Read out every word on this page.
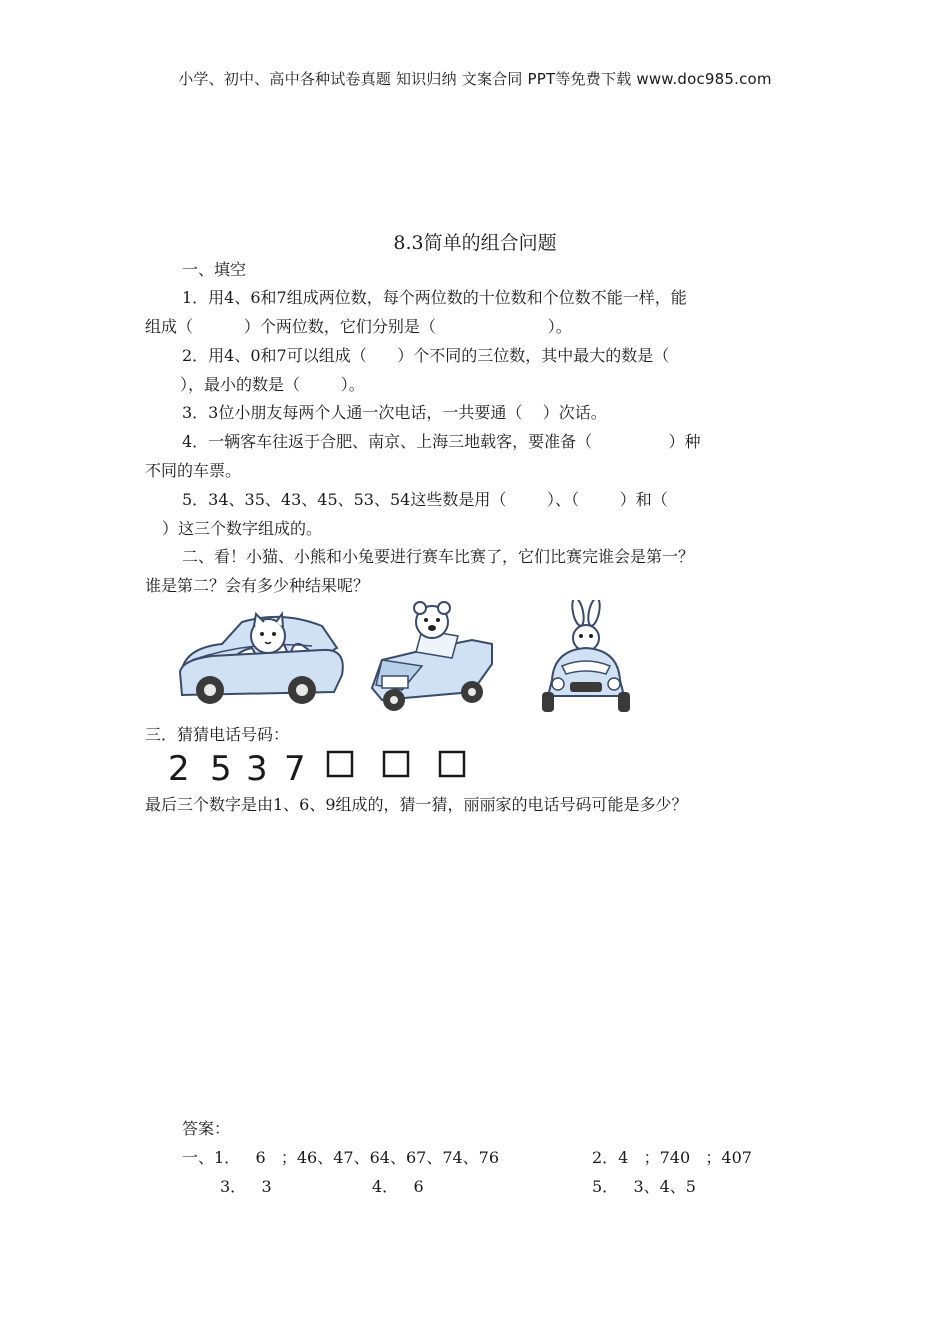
小学、初中、高中各种试卷真题 知识归纳 文案合同 PPT等免费下载 www.doc985.com
8.3简单的组合问题
一、填空
1．用4、6和7组成两位数，每个两位数的十位数和个位数不能一样，能
组成（          ）个两位数，它们分别是（                      ）。
2．用4、0和7可以组成（      ）个不同的三位数，其中最大的数是（
），最小的数是（        ）。
3．3位小朋友每两个人通一次电话，一共要通（    ）次话。
4．一辆客车往返于合肥、南京、上海三地载客，要准备（               ）种
不同的车票。
5．34、35、43、45、53、54这些数是用（        ）、（        ）和（
）这三个数字组成的。
二、看！小猫、小熊和小兔要进行赛车比赛了，它们比赛完谁会是第一？
谁是第二？会有多少种结果呢？
三．猜猜电话号码：
2 5 3 7
最后三个数字是由1、6、9组成的，猜一猜，丽丽家的电话号码可能是多少？
答案：
一、1．   6   ；46、47、64、67、74、76	2．4   ；740   ；407
3．   3	4．   6	5．   3、4、5
